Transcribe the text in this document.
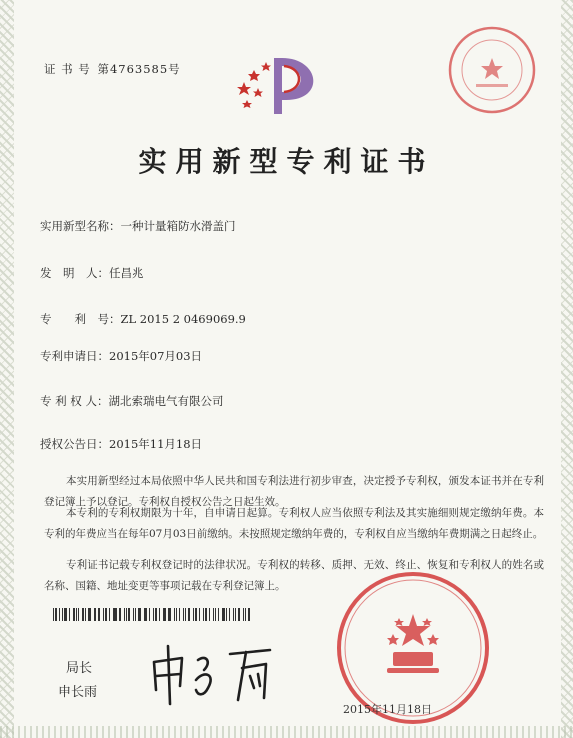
证 书 号 第4763585号
实用新型专利证书
实用新型名称：一种计量箱防水滑盖门
发　明　人：任昌兆
专　　利　号：ZL 2015 2 0469069.9
专利申请日：2015年07月03日
专 利 权 人：湖北索瑞电气有限公司
授权公告日：2015年11月18日

本实用新型经过本局依照中华人民共和国专利法进行初步审查，决定授予专利权，颁发本证书并在专利登记簿上予以登记。专利权自授权公告之日起生效。

本专利的专利权期限为十年，自申请日起算。专利权人应当依照专利法及其实施细则规定缴纳年费。本专利的年费应当在每年07月03日前缴纳。未按照规定缴纳年费的，专利权自应当缴纳年费期满之日起终止。

专利证书记载专利权登记时的法律状况。专利权的转移、质押、无效、终止、恢复和专利权人的姓名或名称、国籍、地址变更等事项记载在专利登记簿上。

局长
申长雨
2015年11月18日
